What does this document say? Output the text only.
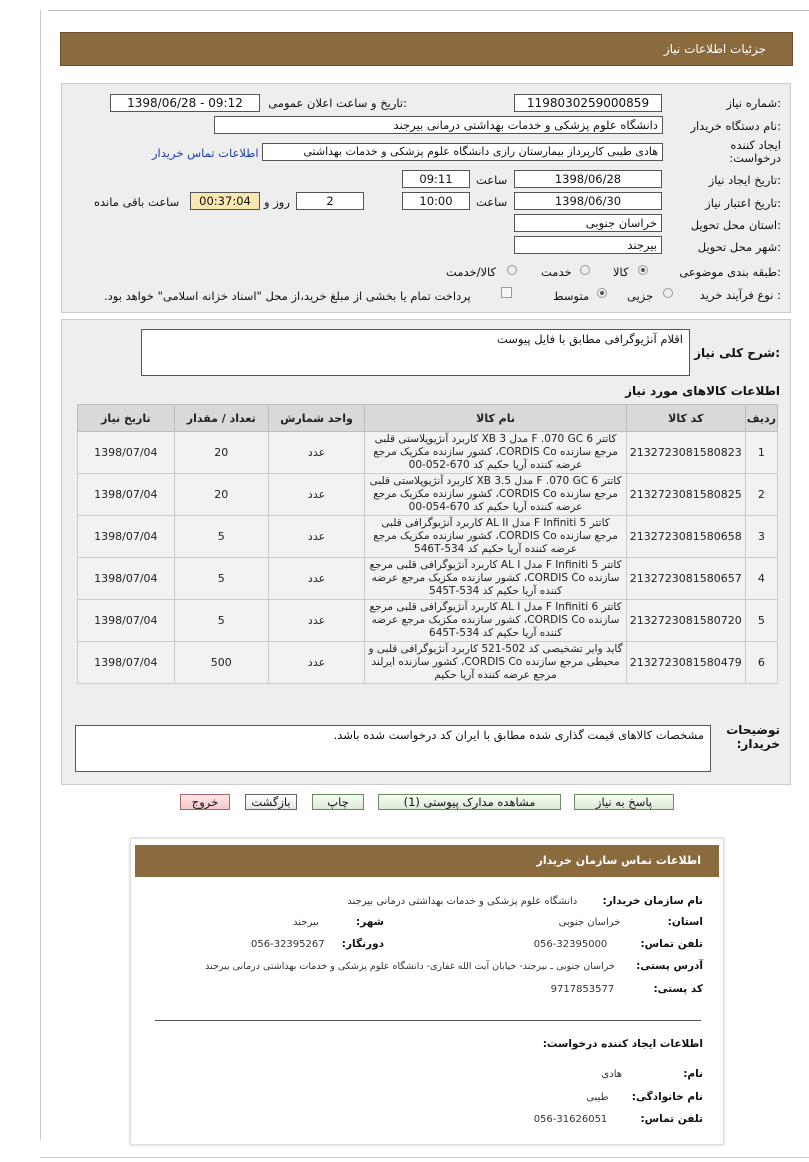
جزئیات اطلاعات نیاز
شماره نیاز:
1198030259000859
تاریخ و ساعت اعلان عمومی:
1398/06/28 - 09:12
نام دستگاه خریدار:
دانشگاه علوم پزشکی و خدمات بهداشتی درمانی بیرجند
ایجاد کننده درخواست:
هادی طیبی کارپرداز بیمارستان رازی دانشگاه علوم پزشکی و خدمات بهداشتی
اطلاعات تماس خریدار
تاریخ ایجاد نیاز:
1398/06/28
ساعت
09:11
تاریخ اعتبار نیاز:
1398/06/30
ساعت
10:00
2
روز و
00:37:04
ساعت باقی مانده
استان محل تحویل:
خراسان جنوبی
شهر محل تحویل:
بیرجند
طبقه بندی موضوعی:
کالا
خدمت
کالا/خدمت
نوع فرآیند خرید :
جزیی
متوسط
پرداخت تمام یا بخشی از مبلغ خرید،از محل "اسناد خزانه اسلامی" خواهد بود.
شرح کلی نیاز:
اقلام آنژیوگرافی مطابق با فایل پیوست
اطلاعات کالاهای مورد نیاز
ردیف	کد کالا	نام کالا	واحد شمارش	تعداد / مقدار	تاریخ نیاز
1	2132723081580823	کاتتر 6 F .070 GC مدل XB 3 کاربرد آنژیوپلاستی قلبی مرجع سازنده CORDIS Co، کشور سازنده مکزیک مرجع عرضه کننده آریا حکیم کد 670-052-00	عدد	20	1398/07/04
2	2132723081580825	کاتتر 6 F .070 GC مدل XB 3.5 کاربرد آنژیوپلاستی قلبی مرجع سازنده CORDIS Co، کشور سازنده مکزیک مرجع عرضه کننده آریا حکیم کد 670-054-00	عدد	20	1398/07/04
3	2132723081580658	کاتتر 5 F Infiniti مدل AL II کاربرد آنژیوگرافی قلبی مرجع سازنده CORDIS Co، کشور سازنده مکزیک مرجع عرضه کننده آریا حکیم کد 534-546T	عدد	5	1398/07/04
4	2132723081580657	کاتتر 5 F Infiniti مدل AL I کاربرد آنژیوگرافی قلبی مرجع سازنده CORDIS Co، کشور سازنده مکزیک مرجع عرضه کننده آریا حکیم کد 534-545T	عدد	5	1398/07/04
5	2132723081580720	کاتتر 6 F Infiniti مدل AL I کاربرد آنژیوگرافی قلبی مرجع سازنده CORDIS Co، کشور سازنده مکزیک مرجع عرضه کننده آریا حکیم کد 534-645T	عدد	5	1398/07/04
6	2132723081580479	گاید وایر تشخیصی کد 502-521 کاربرد آنژیوگرافی قلبی و محیطی مرجع سازنده CORDIS Co، کشور سازنده ایرلند مرجع عرضه کننده آریا حکیم	عدد	500	1398/07/04
توضیحات خریدار:
مشخصات کالاهای قیمت گذاری شده مطابق با ایران کد درخواست شده باشد.
پاسخ به نیاز
مشاهده مدارک پیوستی (1)
چاپ
بازگشت
خروج
اطلاعات تماس سازمان خریدار
نام سازمان خریدار: دانشگاه علوم پزشکی و خدمات بهداشتی درمانی بیرجند
استان: خراسان جنوبی
شهر: بیرجند
تلفن تماس: 32395000-056
دورنگار: 32395267-056
آدرس پستی: خراسان جنوبی ـ بیرجند- خیابان آیت الله غفاری- دانشگاه علوم پزشکی و خدمات بهداشتی درمانی بیرجند
کد پستی: 9717853577
اطلاعات ایجاد کننده درخواست:
نام: هادی
نام خانوادگی: طیبی
تلفن تماس: 31626051-056
